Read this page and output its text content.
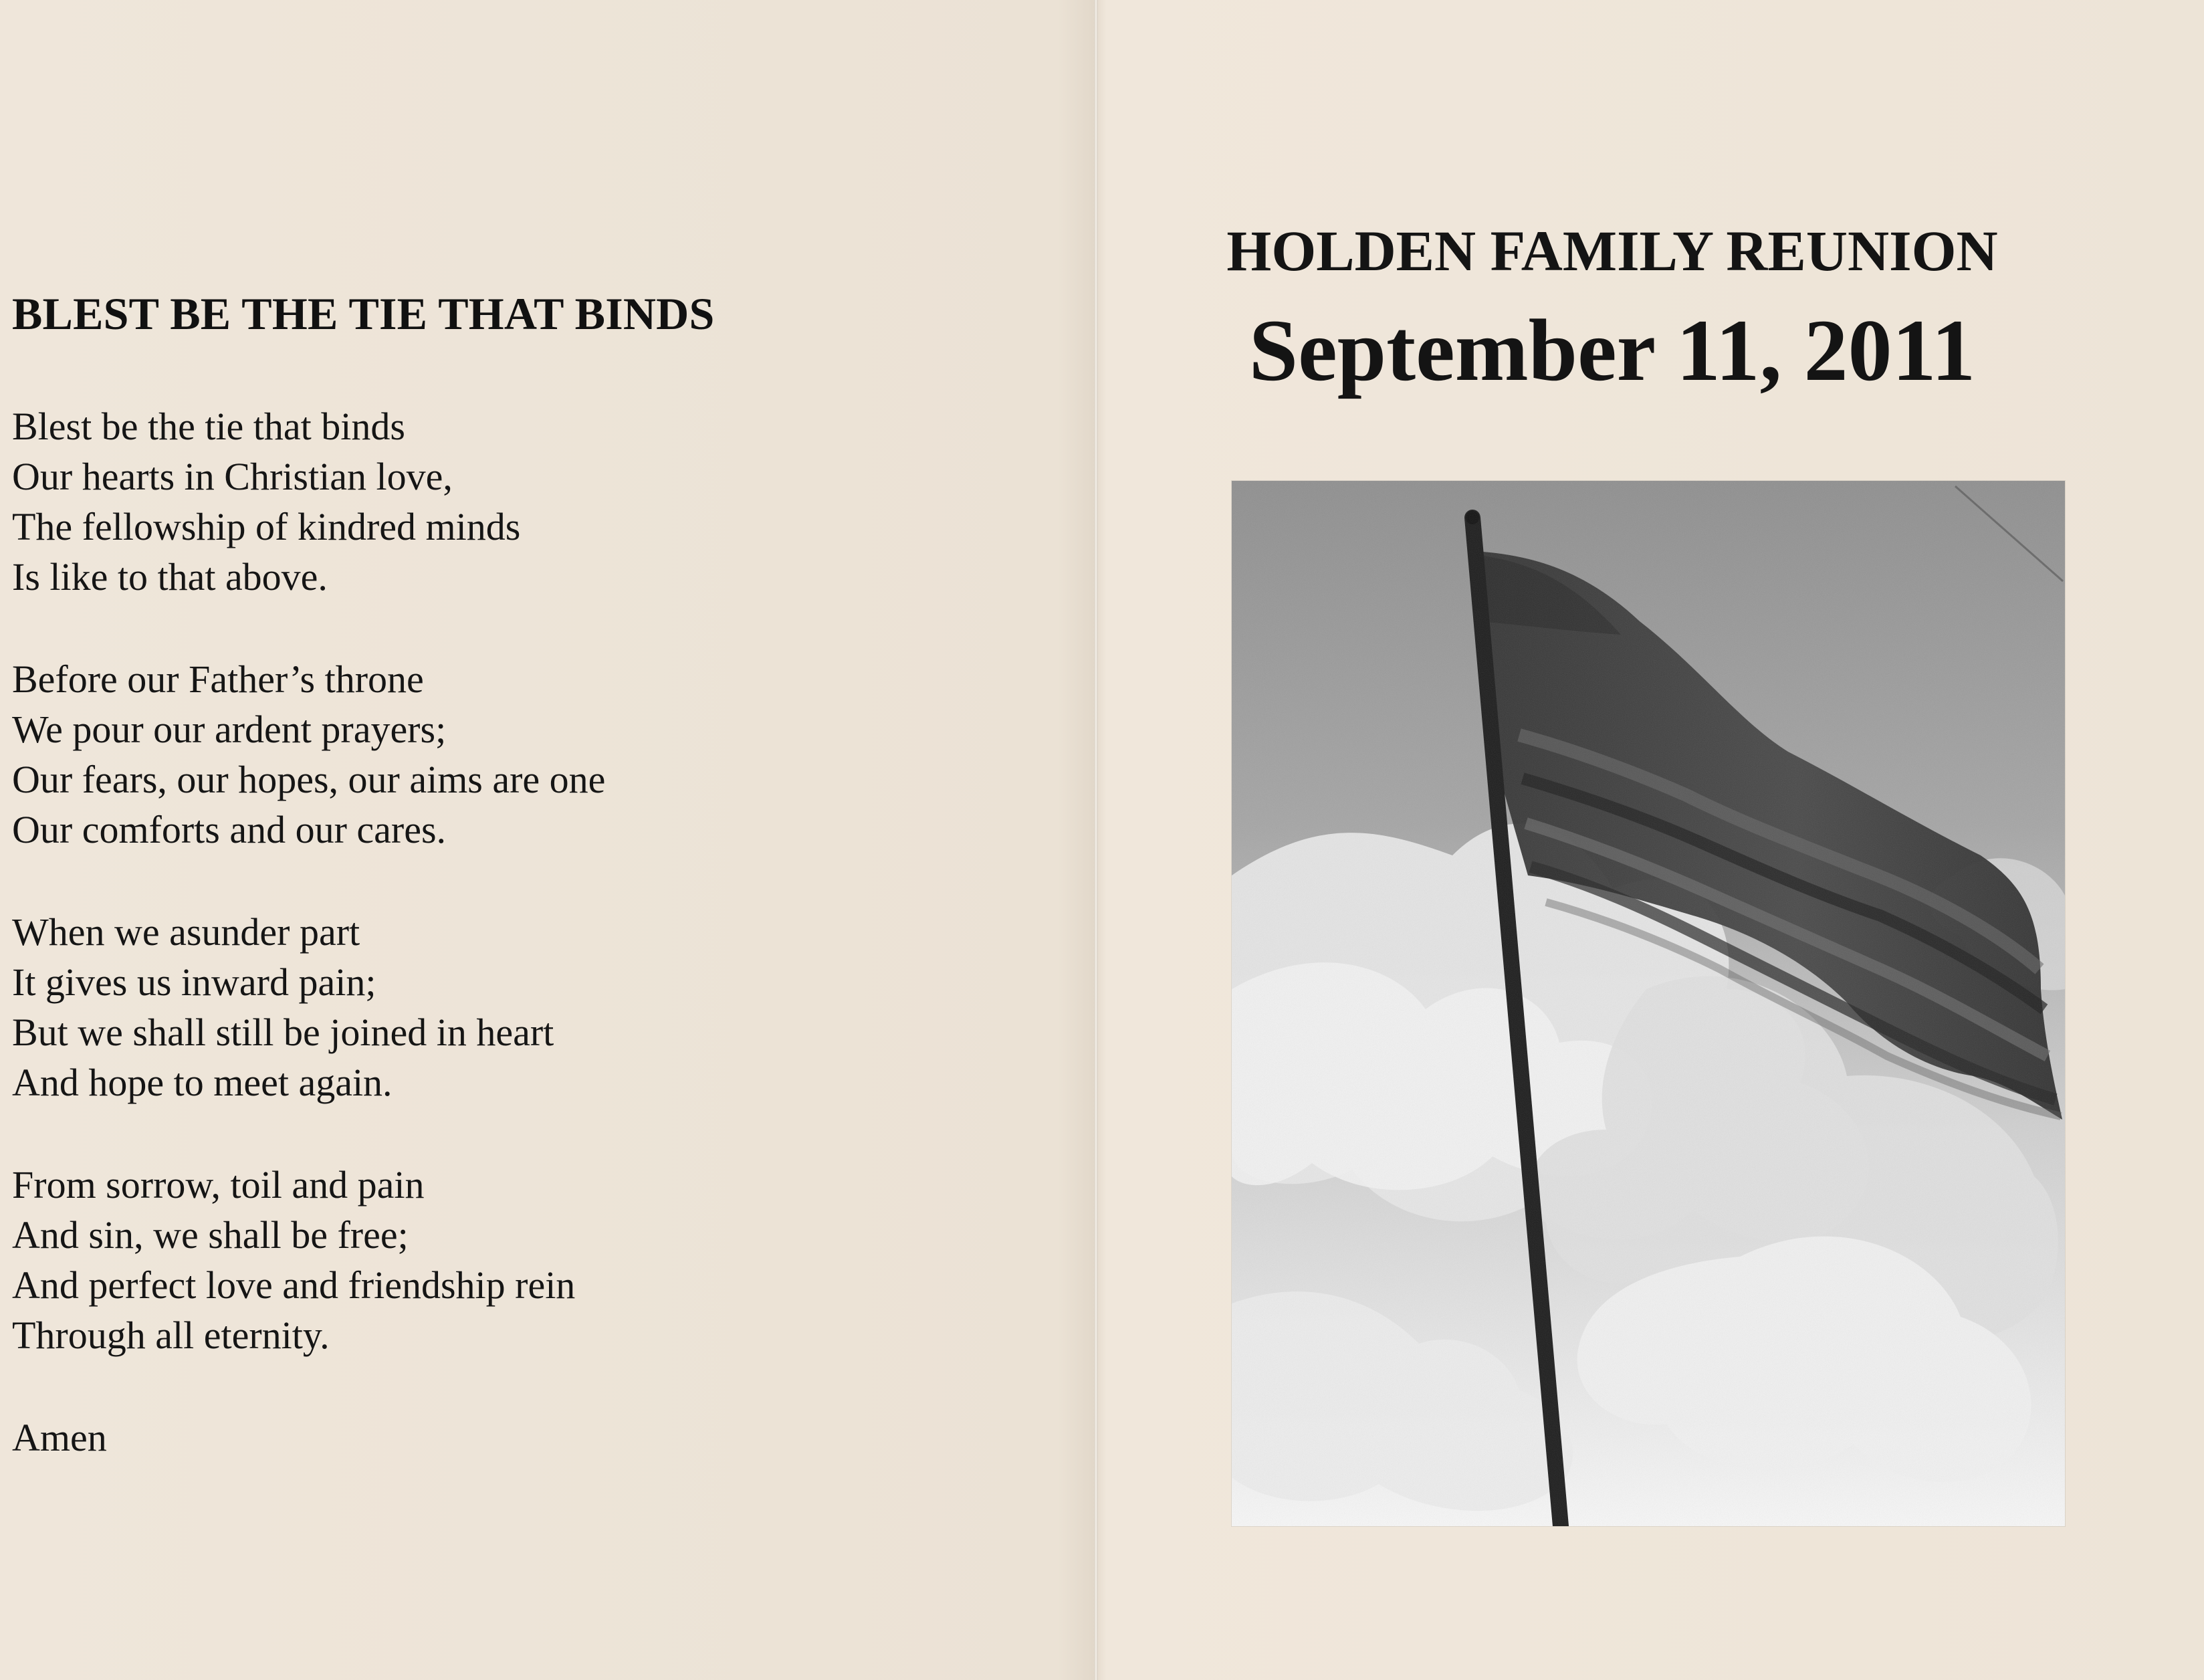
BLEST BE THE TIE THAT BINDS

Blest be the tie that binds
Our hearts in Christian love,
The fellowship of kindred minds
Is like to that above.

Before our Father’s throne
We pour our ardent prayers;
Our fears, our hopes, our aims are one
Our comforts and our cares.

When we asunder part
It gives us inward pain;
But we shall still be joined in heart
And hope to meet again.

From sorrow, toil and pain
And sin, we shall be free;
And perfect love and friendship rein
Through all eternity.

Amen
HOLDEN FAMILY REUNION
September 11, 2011
